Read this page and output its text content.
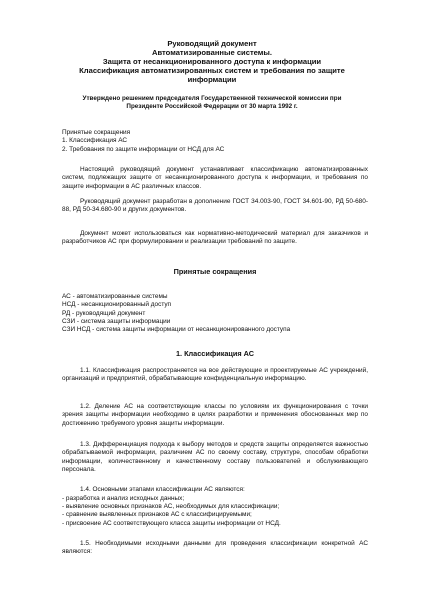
Руководящий документ
Автоматизированные системы.
Защита от несанкционированного доступа к информации
Классификация автоматизированных систем и требования по защите
информации
Утверждено решением председателя Государственной технической комиссии при
Президенте Российской Федерации от 30 марта 1992 г.
Принятые сокращения
1. Классификация АС
2. Требования по защите информации от НСД для АС
Настоящий руководящий документ устанавливает классификацию автоматизированных систем, подлежащих защите от несанкционированного доступа к информации, и требования по защите информации в АС различных классов.
Руководящий документ разработан в дополнение ГОСТ 34.003-90, ГОСТ 34.601-90, РД 50-680-88, РД 50-34.680-90 и других документов.
Документ может использоваться как нормативно-методический материал для заказчиков и разработчиков АС при формулировании и реализации требований по защите.
Принятые сокращения
АС - автоматизированные системы
НСД - несанкционированный доступ
РД - руководящий документ
СЗИ - система защиты информации
СЗИ НСД - система защиты информации от несанкционированного доступа
1. Классификация АС
1.1. Классификация распространяется на все действующие и проектируемые АС учреждений, организаций и предприятий, обрабатывающие конфиденциальную информацию.
1.2. Деление АС на соответствующие классы по условиям их функционирования с точки зрения защиты информации необходимо в целях разработки и применения обоснованных мер по достижению требуемого уровня защиты информации.
1.3. Дифференциация подхода к выбору методов и средств защиты определяется важностью обрабатываемой информации, различием АС по своему составу, структуре, способам обработки информации, количественному и качественному составу пользователей и обслуживающего персонала.
1.4. Основными этапами классификации АС являются:
- разработка и анализ исходных данных;
- выявление основных признаков АС, необходимых для классификации;
- сравнение выявленных признаков АС с классифицируемыми;
- присвоение АС соответствующего класса защиты информации от НСД.
1.5. Необходимыми исходными данными для проведения классификации конкретной АС являются:
